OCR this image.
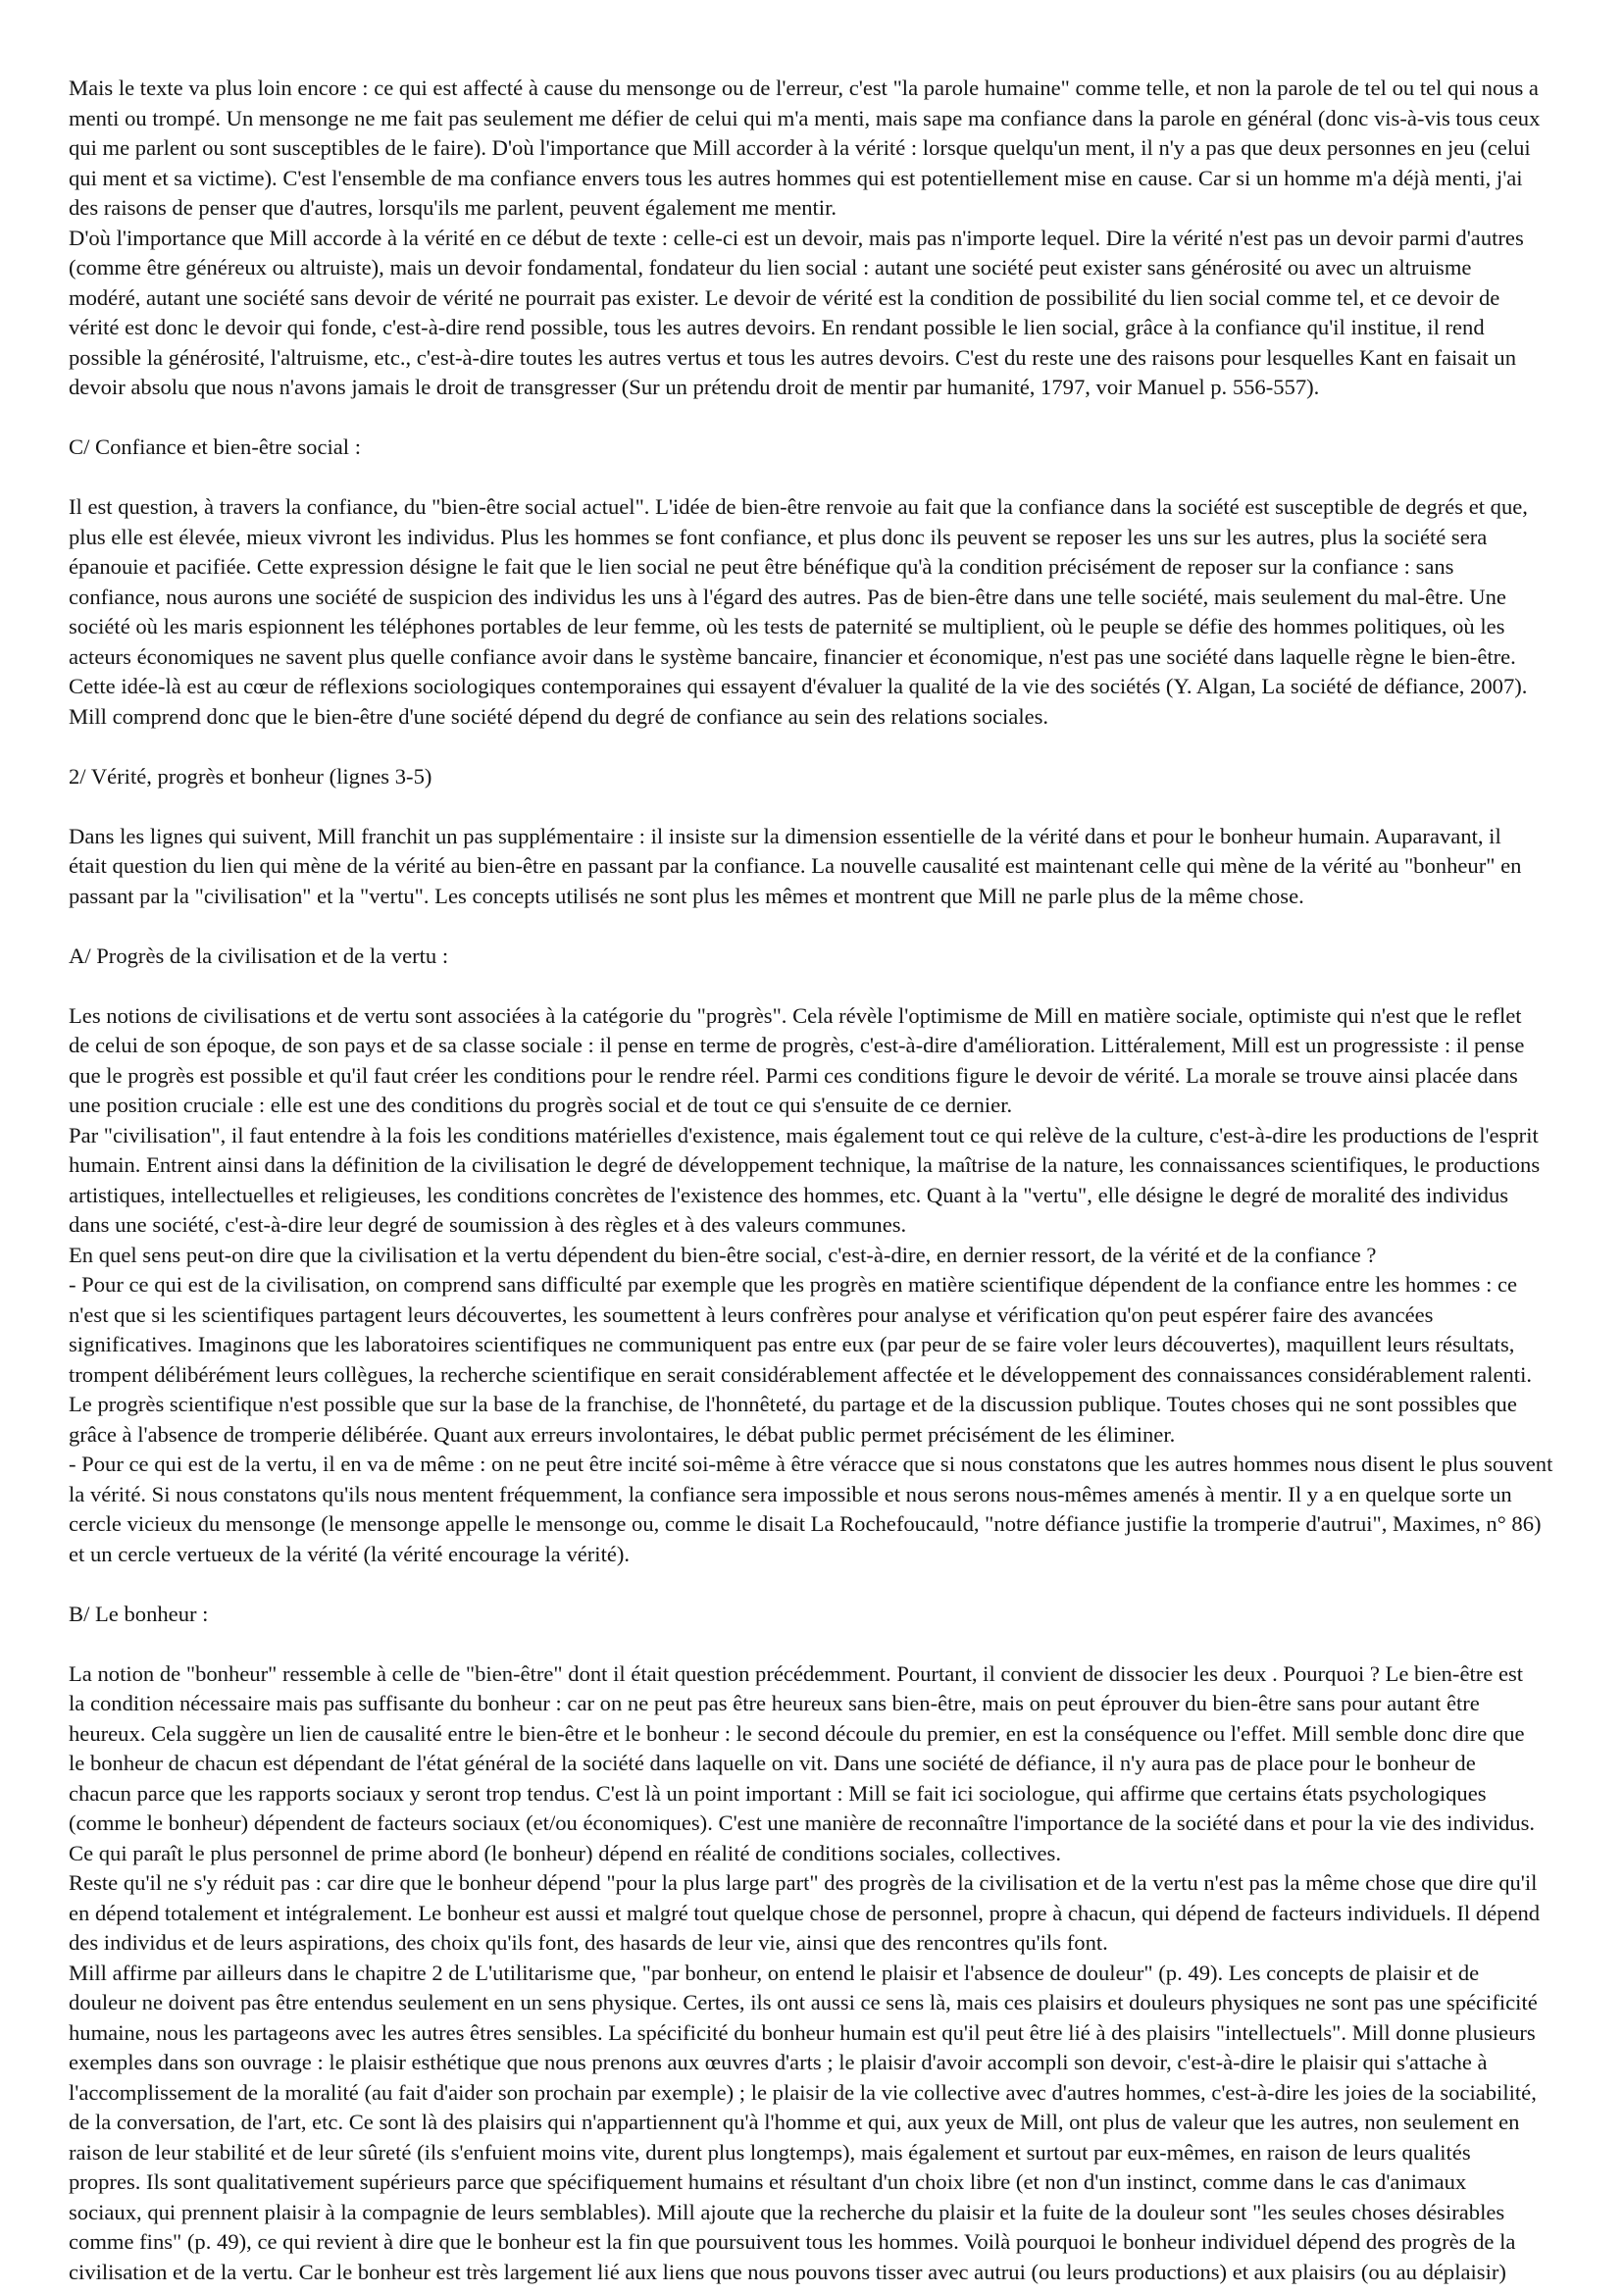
Mais le texte va plus loin encore : ce qui est affecté à cause du mensonge ou de l'erreur, c'est "la parole humaine" comme telle, et non la parole de tel ou tel qui nous a
menti ou trompé. Un mensonge ne me fait pas seulement me défier de celui qui m'a menti, mais sape ma confiance dans la parole en général (donc vis-à-vis tous ceux
qui me parlent ou sont susceptibles de le faire). D'où l'importance que Mill accorder à la vérité : lorsque quelqu'un ment, il n'y a pas que deux personnes en jeu (celui
qui ment et sa victime). C'est l'ensemble de ma confiance envers tous les autres hommes qui est potentiellement mise en cause. Car si un homme m'a déjà menti, j'ai
des raisons de penser que d'autres, lorsqu'ils me parlent, peuvent également me mentir.
D'où l'importance que Mill accorde à la vérité en ce début de texte : celle-ci est un devoir, mais pas n'importe lequel. Dire la vérité n'est pas un devoir parmi d'autres
(comme être généreux ou altruiste), mais un devoir fondamental, fondateur du lien social : autant une société peut exister sans générosité ou avec un altruisme
modéré, autant une société sans devoir de vérité ne pourrait pas exister. Le devoir de vérité est la condition de possibilité du lien social comme tel, et ce devoir de
vérité est donc le devoir qui fonde, c'est-à-dire rend possible, tous les autres devoirs. En rendant possible le lien social, grâce à la confiance qu'il institue, il rend
possible la générosité, l'altruisme, etc., c'est-à-dire toutes les autres vertus et tous les autres devoirs. C'est du reste une des raisons pour lesquelles Kant en faisait un
devoir absolu que nous n'avons jamais le droit de transgresser (Sur un prétendu droit de mentir par humanité, 1797, voir Manuel p. 556-557).
C/ Confiance et bien-être social :
Il est question, à travers la confiance, du "bien-être social actuel". L'idée de bien-être renvoie au fait que la confiance dans la société est susceptible de degrés et que,
plus elle est élevée, mieux vivront les individus. Plus les hommes se font confiance, et plus donc ils peuvent se reposer les uns sur les autres, plus la société sera
épanouie et pacifiée. Cette expression désigne le fait que le lien social ne peut être bénéfique qu'à la condition précisément de reposer sur la confiance : sans
confiance, nous aurons une société de suspicion des individus les uns à l'égard des autres. Pas de bien-être dans une telle société, mais seulement du mal-être. Une
société où les maris espionnent les téléphones portables de leur femme, où les tests de paternité se multiplient, où le peuple se défie des hommes politiques, où les
acteurs économiques ne savent plus quelle confiance avoir dans le système bancaire, financier et économique, n'est pas une société dans laquelle règne le bien-être.
Cette idée-là est au cœur de réflexions sociologiques contemporaines qui essayent d'évaluer la qualité de la vie des sociétés (Y. Algan, La société de défiance, 2007).
Mill comprend donc que le bien-être d'une société dépend du degré de confiance au sein des relations sociales.
2/ Vérité, progrès et bonheur (lignes 3-5)
Dans les lignes qui suivent, Mill franchit un pas supplémentaire : il insiste sur la dimension essentielle de la vérité dans et pour le bonheur humain. Auparavant, il
était question du lien qui mène de la vérité au bien-être en passant par la confiance. La nouvelle causalité est maintenant celle qui mène de la vérité au "bonheur" en
passant par la "civilisation" et la "vertu". Les concepts utilisés ne sont plus les mêmes et montrent que Mill ne parle plus de la même chose.
A/ Progrès de la civilisation et de la vertu :
Les notions de civilisations et de vertu sont associées à la catégorie du "progrès". Cela révèle l'optimisme de Mill en matière sociale, optimiste qui n'est que le reflet
de celui de son époque, de son pays et de sa classe sociale : il pense en terme de progrès, c'est-à-dire d'amélioration. Littéralement, Mill est un progressiste : il pense
que le progrès est possible et qu'il faut créer les conditions pour le rendre réel. Parmi ces conditions figure le devoir de vérité. La morale se trouve ainsi placée dans
une position cruciale : elle est une des conditions du progrès social et de tout ce qui s'ensuite de ce dernier.
Par "civilisation", il faut entendre à la fois les conditions matérielles d'existence, mais également tout ce qui relève de la culture, c'est-à-dire les productions de l'esprit
humain. Entrent ainsi dans la définition de la civilisation le degré de développement technique, la maîtrise de la nature, les connaissances scientifiques, le productions
artistiques, intellectuelles et religieuses, les conditions concrètes de l'existence des hommes, etc. Quant à la "vertu", elle désigne le degré de moralité des individus
dans une société, c'est-à-dire leur degré de soumission à des règles et à des valeurs communes.
En quel sens peut-on dire que la civilisation et la vertu dépendent du bien-être social, c'est-à-dire, en dernier ressort, de la vérité et de la confiance ?
- Pour ce qui est de la civilisation, on comprend sans difficulté par exemple que les progrès en matière scientifique dépendent de la confiance entre les hommes : ce
n'est que si les scientifiques partagent leurs découvertes, les soumettent à leurs confrères pour analyse et vérification qu'on peut espérer faire des avancées
significatives. Imaginons que les laboratoires scientifiques ne communiquent pas entre eux (par peur de se faire voler leurs découvertes), maquillent leurs résultats,
trompent délibérément leurs collègues, la recherche scientifique en serait considérablement affectée et le développement des connaissances considérablement ralenti.
Le progrès scientifique n'est possible que sur la base de la franchise, de l'honnêteté, du partage et de la discussion publique. Toutes choses qui ne sont possibles que
grâce à l'absence de tromperie délibérée. Quant aux erreurs involontaires, le débat public permet précisément de les éliminer.
- Pour ce qui est de la vertu, il en va de même : on ne peut être incité soi-même à être véracce que si nous constatons que les autres hommes nous disent le plus souvent
la vérité. Si nous constatons qu'ils nous mentent fréquemment, la confiance sera impossible et nous serons nous-mêmes amenés à mentir. Il y a en quelque sorte un
cercle vicieux du mensonge (le mensonge appelle le mensonge ou, comme le disait La Rochefoucauld, "notre défiance justifie la tromperie d'autrui", Maximes, n° 86)
et un cercle vertueux de la vérité (la vérité encourage la vérité).
B/ Le bonheur :
La notion de "bonheur" ressemble à celle de "bien-être" dont il était question précédemment. Pourtant, il convient de dissocier les deux . Pourquoi ? Le bien-être est
la condition nécessaire mais pas suffisante du bonheur : car on ne peut pas être heureux sans bien-être, mais on peut éprouver du bien-être sans pour autant être
heureux. Cela suggère un lien de causalité entre le bien-être et le bonheur : le second découle du premier, en est la conséquence ou l'effet. Mill semble donc dire que
le bonheur de chacun est dépendant de l'état général de la société dans laquelle on vit. Dans une société de défiance, il n'y aura pas de place pour le bonheur de
chacun parce que les rapports sociaux y seront trop tendus. C'est là un point important : Mill se fait ici sociologue, qui affirme que certains états psychologiques
(comme le bonheur) dépendent de facteurs sociaux (et/ou économiques). C'est une manière de reconnaître l'importance de la société dans et pour la vie des individus.
Ce qui paraît le plus personnel de prime abord (le bonheur) dépend en réalité de conditions sociales, collectives.
Reste qu'il ne s'y réduit pas : car dire que le bonheur dépend "pour la plus large part" des progrès de la civilisation et de la vertu n'est pas la même chose que dire qu'il
en dépend totalement et intégralement. Le bonheur est aussi et malgré tout quelque chose de personnel, propre à chacun, qui dépend de facteurs individuels. Il dépend
des individus et de leurs aspirations, des choix qu'ils font, des hasards de leur vie, ainsi que des rencontres qu'ils font.
Mill affirme par ailleurs dans le chapitre 2 de L'utilitarisme que, "par bonheur, on entend le plaisir et l'absence de douleur" (p. 49). Les concepts de plaisir et de
douleur ne doivent pas être entendus seulement en un sens physique. Certes, ils ont aussi ce sens là, mais ces plaisirs et douleurs physiques ne sont pas une spécificité
humaine, nous les partageons avec les autres êtres sensibles. La spécificité du bonheur humain est qu'il peut être lié à des plaisirs "intellectuels". Mill donne plusieurs
exemples dans son ouvrage : le plaisir esthétique que nous prenons aux œuvres d'arts ; le plaisir d'avoir accompli son devoir, c'est-à-dire le plaisir qui s'attache à
l'accomplissement de la moralité (au fait d'aider son prochain par exemple) ; le plaisir de la vie collective avec d'autres hommes, c'est-à-dire les joies de la sociabilité,
de la conversation, de l'art, etc. Ce sont là des plaisirs qui n'appartiennent qu'à l'homme et qui, aux yeux de Mill, ont plus de valeur que les autres, non seulement en
raison de leur stabilité et de leur sûreté (ils s'enfuient moins vite, durent plus longtemps), mais également et surtout par eux-mêmes, en raison de leurs qualités
propres. Ils sont qualitativement supérieurs parce que spécifiquement humains et résultant d'un choix libre (et non d'un instinct, comme dans le cas d'animaux
sociaux, qui prennent plaisir à la compagnie de leurs semblables). Mill ajoute que la recherche du plaisir et la fuite de la douleur sont "les seules choses désirables
comme fins" (p. 49), ce qui revient à dire que le bonheur est la fin que poursuivent tous les hommes. Voilà pourquoi le bonheur individuel dépend des progrès de la
civilisation et de la vertu. Car le bonheur est très largement lié aux liens que nous pouvons tisser avec autrui (ou leurs productions) et aux plaisirs (ou au déplaisir)
